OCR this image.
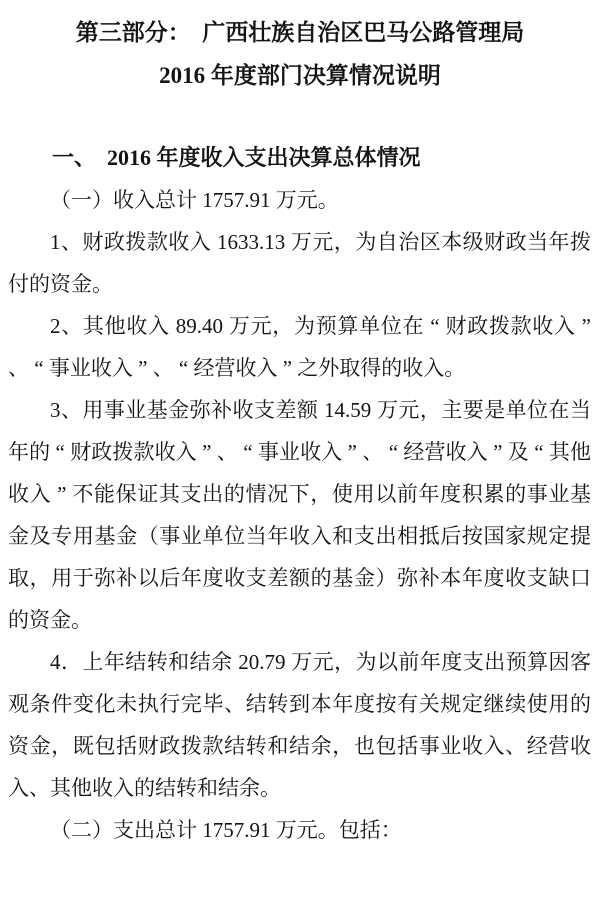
第三部分：　广西壮族自治区巴马公路管理局
2016 年度部门决算情况说明

一、　2016 年度收入支出决算总体情况

（一）收入总计 1757.91 万元。

1、财政拨款收入 1633.13 万元，为自治区本级财政当年拨付的资金。

2、其他收入 89.40 万元，为预算单位在 “ 财政拨款收入 ” 、 “ 事业收入 ” 、 “ 经营收入 ” 之外取得的收入。

3、用事业基金弥补收支差额 14.59 万元，主要是单位在当年的 “ 财政拨款收入 ” 、 “ 事业收入 ” 、 “ 经营收入 ” 及 “ 其他收入 ” 不能保证其支出的情况下，使用以前年度积累的事业基金及专用基金（事业单位当年收入和支出相抵后按国家规定提取，用于弥补以后年度收支差额的基金）弥补本年度收支缺口的资金。

4．上年结转和结余 20.79 万元，为以前年度支出预算因客观条件变化未执行完毕、结转到本年度按有关规定继续使用的资金，既包括财政拨款结转和结余，也包括事业收入、经营收入、其他收入的结转和结余。

（二）支出总计 1757.91 万元。包括：
